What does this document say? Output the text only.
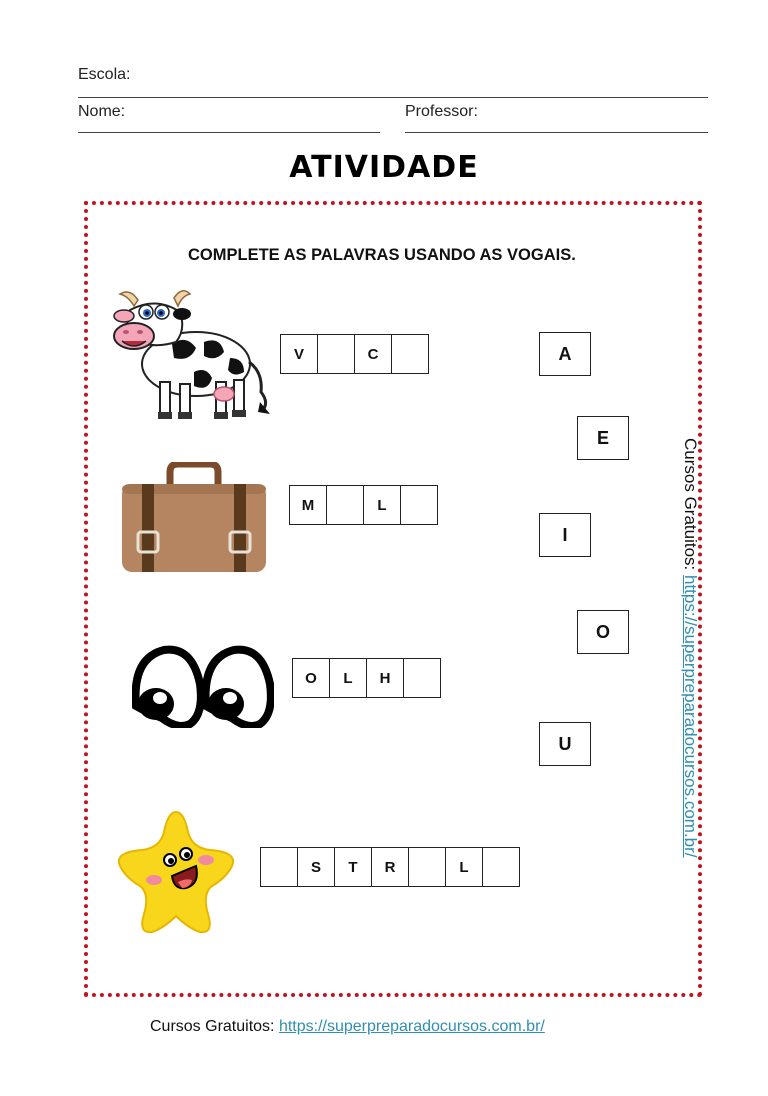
Escola:
Nome:	Professor:
ATIVIDADE
COMPLETE AS PALAVRAS USANDO AS VOGAIS.
V	C
M	L
O	L	H
S	T	R	L
A
E
I
O
U
Cursos Gratuitos: https://superpreparadocursos.com.br/
Cursos Gratuitos: https://superpreparadocursos.com.br/
